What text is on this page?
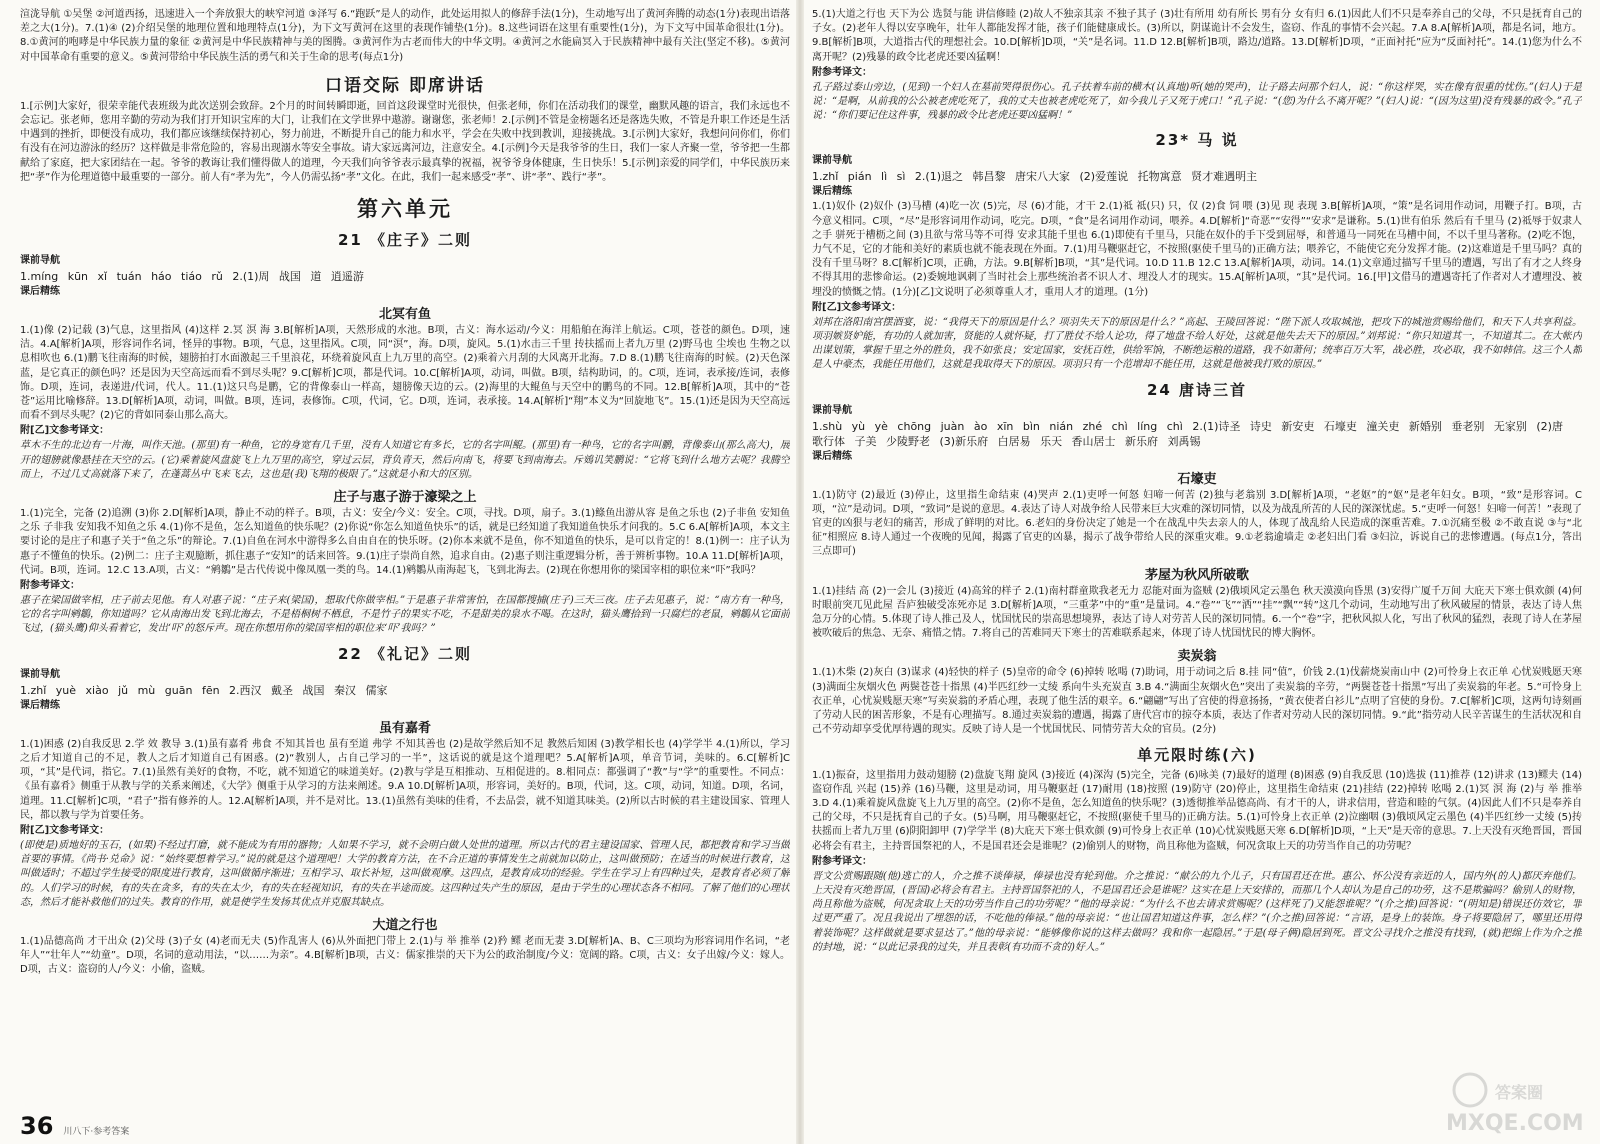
渲泷导航 ①吴堡 ②河道西扬，迅速进入一个奔放狠大的峡窄河道 ③泽写 6.“跑跃”是人的动作，此处运用拟人的修辞手法(1分)，生动地写出了黄河奔腾的动态(1分)表现出语落差之大(1分)。7.(1)④ (2)介绍吴堡的地理位置和地理特点(1分)，为下文写黄河在这里的表现作铺垫(1分)。8.这些词语在这里有重要性(1分)，为下文写中国革命很壮(1分)。8.①黄河的咆哮是中华民族力量的象征 ②黄河是中华民族精神与美的图腾。③黄河作为古老而伟大的中华文明。④黄河之水能扁冥入于民族精神中最有关注(坚定不移)。⑤黄河对中国革命有重要的意义。⑤黄河带给中华民族生活的勇气和关于生命的思考(每点1分)

口语交际 即席讲话

1.[示例]大家好，很荣幸能代表班级为此次送别会致辞。2个月的时间转瞬即逝，回首这段课堂时光很快，但张老师，你们在活动我们的课堂，幽默风趣的语言，我们永远也不会忘记。张老师，您用辛勤的劳动为我们打开知识宝库的大门，让我们在文学世界中遨游。谢谢您，张老师！2.[示例]不管是金榜题名还是落选失败，不管是升职工作还是生活中遇到的挫折，即便没有成功，我们都应该继续保持初心，努力前进，不断提升自己的能力和水平，学会在失败中找到教训，迎接挑战。3.[示例]大家好，我想问问你们，你们有没有在河边游泳的经历？这样做是非常危险的，容易出现溺水等安全事故。请大家远离河边，注意安全。4.[示例]今天是我爷爷的生日，我们一家人齐聚一堂，爷爷把一生都献给了家庭，把大家团结在一起。爷爷的教诲让我们懂得做人的道理，今天我们向爷爷表示最真挚的祝福，祝爷爷身体健康，生日快乐！5.[示例]亲爱的同学们，中华民族历来把“孝”作为伦理道德中最重要的一部分。前人有“孝为先”，今人仍需弘扬“孝”文化。在此，我们一起来感受“孝”、讲“孝”、践行“孝”。

第六单元
21 《庄子》二则
课前导航

1.míng kūn xǐ tuán háo tiáo rǔ 2.(1)周 战国 道 逍遥游

课后精练
北冥有鱼

1.(1)像 (2)记载 (3)气息，这里指风 (4)这样 2.冥 溟 海 3.B[解析]A项，天然形成的水池。B项，古义：海水运动/今义：用船舶在海洋上航运。C项，苍苍的颜色。D项，速洁。4.A[解析]A项，形容词作名词，怪异的事物。B项，气息，这里指风。C项，同“溟”，海。D项，旋风。5.(1)水击三千里 抟扶摇而上者九万里 (2)野马也 尘埃也 生物之以息相吹也 6.(1)鹏飞往南海的时候，翅膀拍打水面激起三千里浪花，环绕着旋风直上九万里的高空。(2)乘着六月刮的大风离开北海。7.D 8.(1)鹏飞往南海的时候。(2)天色深蓝，是它真正的颜色吗？还是因为天空高远而看不到尽头呢？9.C[解析]C项，都是代词。10.C[解析]A项，动词，叫做。B项，结构助词，的。C项，连词，表承接/连词，表修饰。D项，连词，表递进/代词，代人。11.(1)这只鸟是鹏，它的背像泰山一样高，翅膀像天边的云。(2)海里的大鲲鱼与天空中的鹏鸟的不同。12.B[解析]A项，其中的“苍苍”运用比喻修辞。13.D[解析]A项，动词，叫做。B项，连词，表修饰。C项，代词，它。D项，连词，表承接。14.A[解析]“翔”本义为“回旋地飞”。15.(1)还是因为天空高远而看不到尽头呢？(2)它的背如同泰山那么高大。

附[乙]文参考译文：

草木不生的北边有一片海，叫作天池。(那里)有一种鱼，它的身宽有几千里，没有人知道它有多长，它的名字叫鲲。(那里)有一种鸟，它的名字叫鹏，背像泰山(那么高大)，展开的翅膀就像悬挂在天空的云。(它)乘着旋风盘旋飞上九万里的高空，穿过云层，背负青天，然后向南飞，将要飞到南海去。斥鴳讥笑鹏说：“它将飞到什么地方去呢？我腾空而上，不过几丈高就落下来了，在蓬蒿丛中飞来飞去，这也是(我)飞翔的极限了。”这就是小和大的区别。

庄子与惠子游于濠梁之上

1.(1)完全，完备 (2)追溯 (3)你 2.D[解析]A项，静止不动的样子。B项，古义：安全/今义：安全。C项，寻找。D项，扇子。3.(1)鲦鱼出游从容 是鱼之乐也 (2)子非鱼 安知鱼之乐 子非我 安知我不知鱼之乐 4.(1)你不是鱼，怎么知道鱼的快乐呢？(2)你说“你怎么知道鱼快乐”的话，就是已经知道了我知道鱼快乐才问我的。5.C 6.A[解析]A项，本文主要讨论的是庄子和惠子关于“鱼之乐”的辩论。7.(1)自鱼在河水中游得多么自由自在的快乐呀。(2)你本来就不是鱼，你不知道鱼的快乐，是可以肯定的！8.(1)例一：庄子认为惠子不懂鱼的快乐。(2)例二：庄子主观臆断，抓住惠子“安知”的话来回答。9.(1)庄子崇尚自然，追求自由。(2)惠子则注重逻辑分析，善于辨析事物。10.A 11.D[解析]A项，代词。B项，连词。12.C 13.A项，古义：“鹓鶵”是古代传说中像凤凰一类的鸟。14.(1)鹓鶵从南海起飞，飞到北海去。(2)现在你想用你的梁国宰相的职位来“吓”我吗？

附参考译文：

惠子在梁国做宰相，庄子前去见他。有人对惠子说：“庄子来(梁国)，想取代你做宰相。”于是惠子非常害怕，在国都搜捕(庄子)三天三夜。庄子去见惠子，说：“南方有一种鸟，它的名字叫鹓鶵，你知道吗？它从南海出发飞到北海去，不是梧桐树不栖息，不是竹子的果实不吃，不是甜美的泉水不喝。在这时，猫头鹰拾到一只腐烂的老鼠，鹓鶵从它面前飞过，(猫头鹰)仰头看着它，发出‘吓’的怒斥声。现在你想用你的梁国宰相的职位来‘吓’我吗？”

22 《礼记》二则
课前导航

1.zhǐ yuè xiào jǔ mù guān fēn 2.西汉 戴圣 战国 秦汉 儒家

课后精练
虽有嘉肴

1.(1)困惑 (2)自我反思 2.学 效 教导 3.(1)虽有嘉肴 弗食 不知其旨也 虽有至道 弗学 不知其善也 (2)是故学然后知不足 教然后知困 (3)教学相长也 (4)学学半 4.(1)所以，学习之后才知道自己的不足，教人之后才知道自己有困惑。(2)“教别人，占自己学习的一半”，这话说的就是这个道理吧？5.A[解析]A项，单音节词，美味的。6.C[解析]C项，“其”是代词，指它。7.(1)虽然有美好的食物，不吃，就不知道它的味道美好。(2)教与学是互相推动、互相促进的。8.相同点：都强调了“教”与“学”的重要性。不同点：《虽有嘉肴》侧重于从教与学的关系来阐述，《大学》侧重于从学习的方法来阐述。9.A 10.D[解析]A项，形容词，美好的。B项，代词，这。C项，动词，知道。D项，名词，道理。11.C[解析]C项，“君子”指有修养的人。12.A[解析]A项，并不是对比。13.(1)虽然有美味的佳肴，不去品尝，就不知道其味美。(2)所以古时候的君主建设国家、管理人民，都以教与学为首要任务。

附[乙]文参考译文：

(即使是)质地好的玉石，(如果)不经过打磨，就不能成为有用的器物；人如果不学习，就不会明白做人处世的道理。所以古代的君主建设国家、管理人民，都把教育和学习当做首要的事情。《尚书·兑命》说：“始终要想着学习。”说的就是这个道理吧！大学的教育方法，在不合正道的事情发生之前就加以防止，这叫做预防；在适当的时候进行教育，这叫做适时；不超过学生接受的限度进行教育，这叫做循序渐进；互相学习、取长补短，这叫做观摩。这四点，是教育成功的经验。学生在学习上有四种过失，是教育者必须了解的。人们学习的时候，有的失在贪多，有的失在太少，有的失在轻视知识，有的失在半途而废。这四种过失产生的原因，是由于学生的心理状态各不相同。了解了他们的心理状态，然后才能补救他们的过失。教育的作用，就是使学生发扬其优点并克服其缺点。

大道之行也

1.(1)品德高尚 才干出众 (2)父母 (3)子女 (4)老而无夫 (5)作乱害人 (6)从外面把门带上 2.(1)与 举 推举 (2)矜 鳏 老而无妻 3.D[解析]A、B、C三项均为形容词用作名词，“老年人”“壮年人”“幼童”。D项，名词的意动用法，“以……为亲”。4.B[解析]B项，古义：儒家推崇的天下为公的政治制度/今义：宽阔的路。C项，古义：女子出嫁/今义：嫁人。D项，古义：盗窃的人/今义：小偷，盗贼。

5.(1)大道之行也 天下为公 选贤与能 讲信修睦 (2)故人不独亲其亲 不独子其子 (3)壮有所用 幼有所长 男有分 女有归 6.(1)因此人们不只是奉养自己的父母，不只是抚育自己的子女。(2)老年人得以安享晚年，壮年人都能发挥才能，孩子们能健康成长。(3)所以，阴谋诡计不会发生，盗窃、作乱的事情不会兴起。7.A 8.A[解析]A项，都是名词，地方。9.B[解析]B项，大道指古代的理想社会。10.D[解析]D项，“关”是名词。11.D 12.B[解析]B项，路边/道路。13.D[解析]D项，“正面衬托”应为“反面衬托”。14.(1)您为什么不离开呢？(2)残暴的政令比老虎还要凶猛啊！

附参考译文：

孔子路过泰山旁边，(见到)一个妇人在墓前哭得很伤心。孔子扶着车前的横木(认真地)听(她的哭声)，让子路去问那个妇人，说：“你这样哭，实在像有很重的忧伤。”(妇人)于是说：“是啊，从前我的公公被老虎吃死了，我的丈夫也被老虎吃死了，如今我儿子又死于虎口！”孔子说：“(您)为什么不离开呢？”(妇人)说：“(因为这里)没有残暴的政令。”孔子说：“你们要记住这件事，残暴的政令比老虎还要凶猛啊！”

23* 马 说
课前导航

1.zhǐ pián lì sì 2.(1)退之 韩昌黎 唐宋八大家 (2)爱莲说 托物寓意 贤才难遇明主

课后精练

1.(1)奴仆 (2)奴仆 (3)马槽 (4)吃一次 (5)完，尽 (6)才能，才干 2.(1)祗 祗(只) 只，仅 (2)食 饲 喂 (3)见 现 表现 3.B[解析]A项，“策”是名词用作动词，用鞭子打。B项，古今意义相同。C项，“尽”是形容词用作动词，吃完。D项，“食”是名词用作动词，喂养。4.D[解析]“奇恶”“安得”“安求”是谦称。5.(1)世有伯乐 然后有千里马 (2)祗辱于奴隶人之手 骈死于槽枥之间 (3)且欲与常马等不可得 安求其能千里也 6.(1)即使有千里马，只能在奴仆的手下受到屈辱，和普通马一同死在马槽中间，不以千里马著称。(2)吃不饱，力气不足，它的才能和美好的素质也就不能表现在外面。7.(1)用马鞭驱赶它，不按照(驱使千里马的)正确方法；喂养它，不能使它充分发挥才能。(2)这难道是千里马吗？真的没有千里马呀？8.C[解析]C项，正确，方法。9.B[解析]B项，“其”是代词。10.D 11.B 12.C 13.A[解析]A项，动词。14.(1)文章通过描写千里马的遭遇，写出了有才之人终身不得其用的悲惨命运。(2)委婉地讽刺了当时社会上那些统治者不识人才、埋没人才的现实。15.A[解析]A项，“其”是代词。16.[甲]文借马的遭遇寄托了作者对人才遭埋没、被埋没的愤慨之情。(1分)[乙]文说明了必须尊重人才，重用人才的道理。(1分)

附[乙]文参考译文：

刘邦在洛阳南宫摆酒宴，说：“我得天下的原因是什么？项羽失天下的原因是什么？”高起、王陵回答说：“陛下派人攻取城池，把攻下的城池赏赐给他们，和天下人共享利益。项羽嫉贤妒能，有功的人就加害，贤能的人就怀疑，打了胜仗不给人论功，得了地盘不给人好处，这就是他失去天下的原因。”刘邦说：“你只知道其一，不知道其二。在大帐内出谋划策，掌握千里之外的胜负，我不如张良；安定国家，安抚百姓，供给军饷，不断绝运粮的道路，我不如萧何；统率百万大军，战必胜，攻必取，我不如韩信。这三个人都是人中豪杰，我能任用他们，这就是我取得天下的原因。项羽只有一个范增却不能任用，这就是他被我打败的原因。”

24 唐诗三首
课前导航

1.shù yù yè chōng juàn ào xīn bìn nián zhé chì líng chì 2.(1)诗圣 诗史 新安吏 石壕吏 潼关吏 新婚别 垂老别 无家别 (2)唐 歌行体 子美 少陵野老 (3)新乐府 白居易 乐天 香山居士 新乐府 刘禹锡

课后精练
石壕吏

1.(1)防守 (2)最近 (3)停止，这里指生命结束 (4)哭声 2.(1)吏呼一何怒 妇啼一何苦 (2)独与老翁别 3.D[解析]A项，“老妪”的“妪”是老年妇女。B项，“致”是形容词。C项，“泣”是动词。D项，“致词”是说的意思。4.表达了诗人对战争给人民带来巨大灾难的深切同情，以及为战乱所苦的人民的深深忧虑。5.“吏呼一何怒！妇啼一何苦！”表现了官吏的凶狠与老妇的痛苦，形成了鲜明的对比。6.老妇的身份决定了她是一个在战乱中失去亲人的人，体现了战乱给人民造成的深重苦难。7.①沉痛至极 ②不敢直说 ③与“北征”相照应 8.诗人通过一个夜晚的见闻，揭露了官吏的凶暴，揭示了战争带给人民的深重灾难。9.①老翁逾墙走 ②老妇出门看 ③妇泣，诉说自己的悲惨遭遇。(每点1分，答出三点即可)

茅屋为秋风所破歌

1.(1)挂结 高 (2)一会儿 (3)接近 (4)高耸的样子 2.(1)南村群童欺我老无力 忍能对面为盗贼 (2)俄顷风定云墨色 秋天漠漠向昏黑 (3)安得广厦千万间 大庇天下寒士俱欢颜 (4)何时眼前突兀见此屋 吾庐独破受冻死亦足 3.D[解析]A项，“三重茅”中的“重”是量词。4.“卷”“飞”“洒”“挂”“飘”“转”这几个动词，生动地写出了秋风破屋的情景，表达了诗人焦急万分的心情。5.体现了诗人推己及人，忧国忧民的崇高思想境界，表达了诗人对劳苦人民的深切同情。6.一个“卷”字，把秋风拟人化，写出了秋风的猛烈，表现了诗人在茅屋被吹破后的焦急、无奈、痛惜之情。7.将自己的苦难同天下寒士的苦难联系起来，体现了诗人忧国忧民的博大胸怀。

卖炭翁

1.(1)木柴 (2)灰白 (3)谋求 (4)轻快的样子 (5)皇帝的命令 (6)掉转 吆喝 (7)助词，用于动词之后 8.挂 同“值”，价钱 2.(1)伐薪烧炭南山中 (2)可怜身上衣正单 心忧炭贱愿天寒 (3)满面尘灰烟火色 两鬓苍苍十指黑 (4)半匹红纱一丈绫 系向牛头充炭直 3.B 4.“满面尘灰烟火色”突出了卖炭翁的辛劳，“两鬓苍苍十指黑”写出了卖炭翁的年老。5.“可怜身上衣正单，心忧炭贱愿天寒”写卖炭翁的矛盾心理，表现了他生活的艰辛。6.“翩翩”写出了宫使的得意扬扬，“黄衣使者白衫儿”点明了宫使的身份。7.C[解析]C项，这两句诗刻画了劳动人民的困苦形象，不是有心理描写。8.通过卖炭翁的遭遇，揭露了唐代宫市的掠夺本质，表达了作者对劳动人民的深切同情。9.“此”指劳动人民辛苦谋生的生活状况和自己不劳动却享受优厚待遇的现实。反映了诗人是一个忧国忧民、同情劳苦大众的官员。(2分)

单元限时练(六)

1.(1)振奋，这里指用力鼓动翅膀 (2)盘旋飞翔 旋风 (3)接近 (4)深沟 (5)完全，完备 (6)咏美 (7)最好的道理 (8)困惑 (9)自我反思 (10)选拔 (11)推荐 (12)讲求 (13)鳏夫 (14)盗窃作乱 兴起 (15)养 (16)马鞭，这里是动词，用马鞭驱赶 (17)耐用 (18)按照 (19)防守 (20)停止，这里指生命结束 (21)挂结 (22)掉转 吆喝 2.(1)冥 溟 海 (2)与 举 推举 3.D 4.(1)乘着旋风盘旋飞上九万里的高空。(2)你不是鱼，怎么知道鱼的快乐呢？(3)透彻推举品德高尚、有才干的人，讲求信用，营造和睦的气氛。(4)因此人们不只是奉养自己的父母，不只是抚育自己的子女。(5)马啊，用马鞭驱赶它，不按照(驱使千里马的)正确方法。5.(1)可怜身上衣正单 (2)泣幽咽 (3)俄顷风定云墨色 (4)半匹红纱一丈绫 (5)抟扶摇而上者九万里 (6)阴阳卸甲 (7)学学半 (8)大庇天下寒士俱欢颜 (9)可怜身上衣正单 (10)心忧炭贱愿天寒 6.D[解析]D项，“上天”是天帝的意思。7.上天没有灭绝晋国，晋国必将会有君主，主持晋国祭祀的人，不是国君还会是谁呢？(2)偷别人的财物，尚且称他为盗贼，何况贪取上天的功劳当作自己的功劳呢？

附参考译文：

晋文公赏赐跟随(他)逃亡的人，介之推不谈俸禄，俸禄也没有轮到他。介之推说：“献公的九个儿子，只有国君还在世。惠公、怀公没有亲近的人，国内外(的人)都厌弃他们。上天没有灭绝晋国，(晋国)必将会有君主。主持晋国祭祀的人，不是国君还会是谁呢？这实在是上天安排的，而那几个人却认为是自己的功劳，这不是欺骗吗？偷别人的财物，尚且称他为盗贼，何况贪取上天的功劳当作自己的功劳呢？”他的母亲说：“为什么不也去请求赏赐呢？(这样死了)又能怨谁呢？”(介之推)回答说：“(明知是)错误还仿效它，罪过更严重了。况且我说出了埋怨的话，不吃他的俸禄。”他的母亲说：“也让国君知道这件事，怎么样？”(介之推)回答说：“言语，是身上的装饰。身子将要隐居了，哪里还用得着装饰呢？这样做就是要求显达了。”他的母亲说：“能够像你说的这样去做吗？我和你一起隐居。”于是(母子俩)隐居到死。晋文公寻找介之推没有找到，(就)把绵上作为介之推的封地，说：“以此记录我的过失，并且表彰(有功而不贪的)好人。”

36 川八下·参考答案
答案圈
MXQE.COM
